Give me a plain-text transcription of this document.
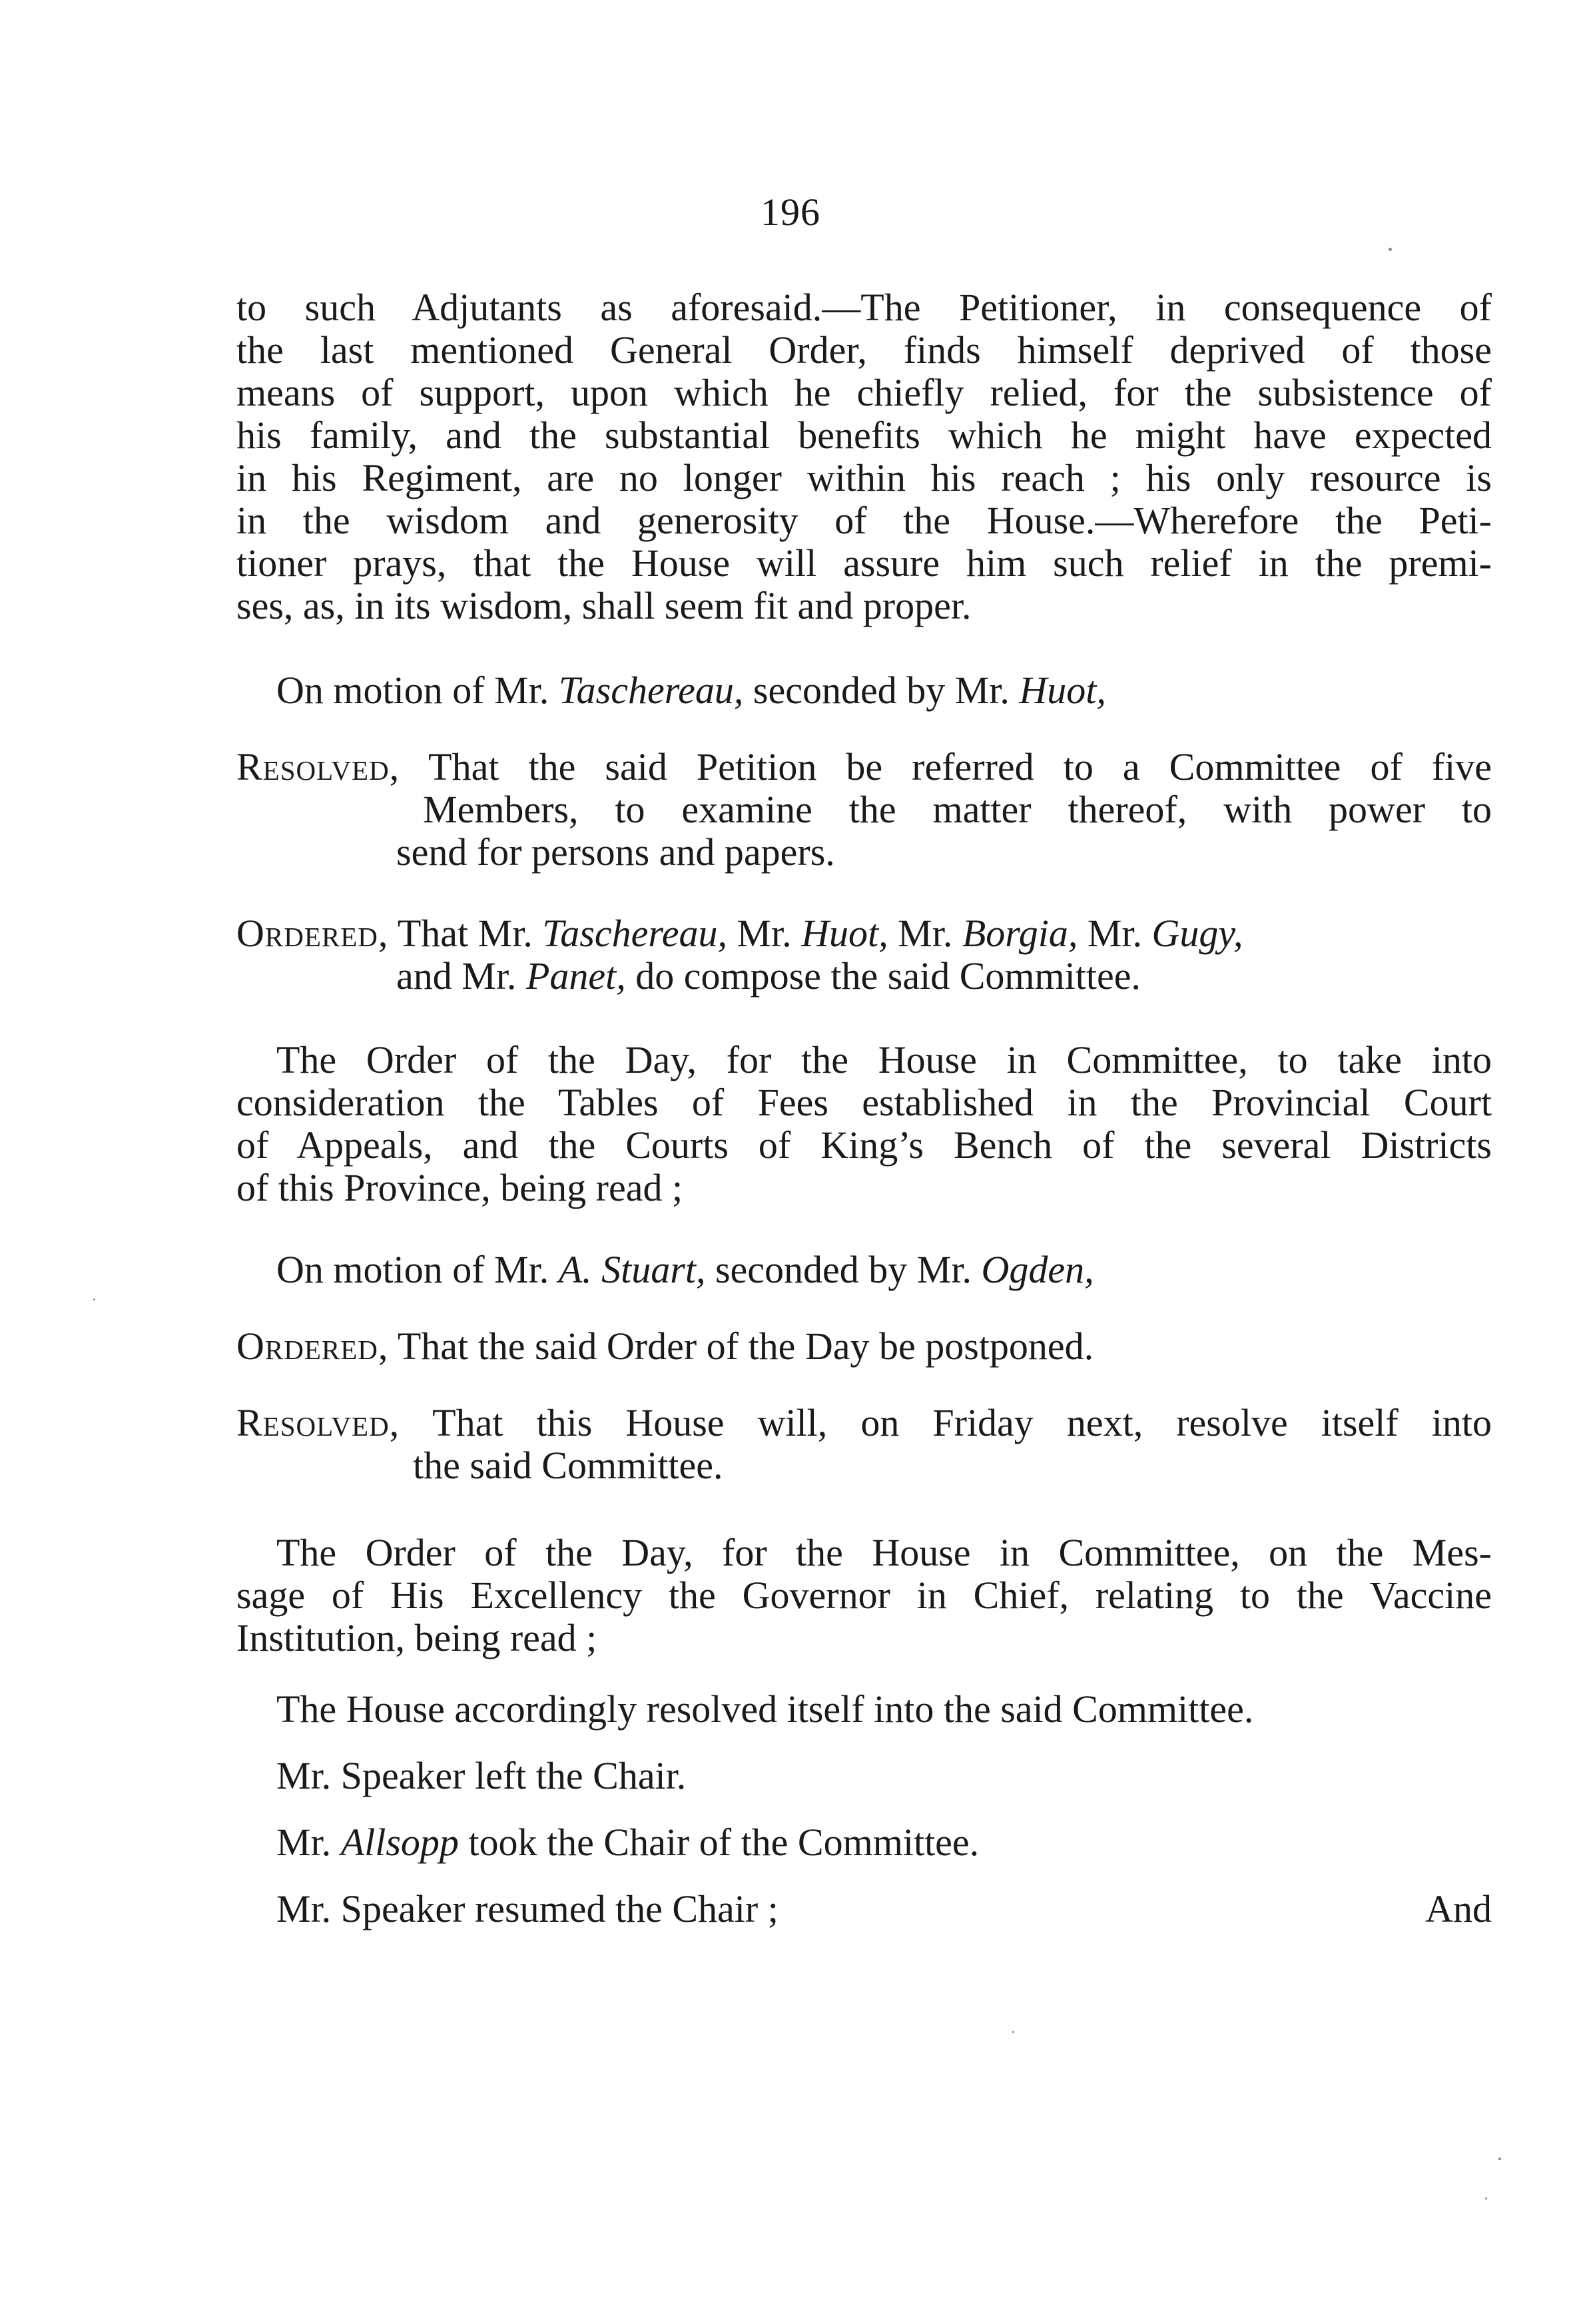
196
to such Adjutants as aforesaid.—The Petitioner, in consequence of
the last mentioned General Order, finds himself deprived of those
means of support, upon which he chiefly relied, for the subsistence of
his family, and the substantial benefits which he might have expected
in his Regiment, are no longer within his reach ; his only resource is
in the wisdom and generosity of the House.—Wherefore the Peti-
tioner prays, that the House will assure him such relief in the premi-
ses, as, in its wisdom, shall seem fit and proper.
On motion of Mr. Taschereau, seconded by Mr. Huot,
Resolved, That the said Petition be referred to a Committee of five
Members, to examine the matter thereof, with power to
send for persons and papers.
Ordered, That Mr. Taschereau, Mr. Huot, Mr. Borgia, Mr. Gugy,
and Mr. Panet, do compose the said Committee.
The Order of the Day, for the House in Committee, to take into
consideration the Tables of Fees established in the Provincial Court
of Appeals, and the Courts of King’s Bench of the several Districts
of this Province, being read ;
On motion of Mr. A. Stuart, seconded by Mr. Ogden,
Ordered, That the said Order of the Day be postponed.
Resolved, That this House will, on Friday next, resolve itself into
the said Committee.
The Order of the Day, for the House in Committee, on the Mes-
sage of His Excellency the Governor in Chief, relating to the Vaccine
Institution, being read ;
The House accordingly resolved itself into the said Committee.
Mr. Speaker left the Chair.
Mr. Allsopp took the Chair of the Committee.
Mr. Speaker resumed the Chair ;	And
